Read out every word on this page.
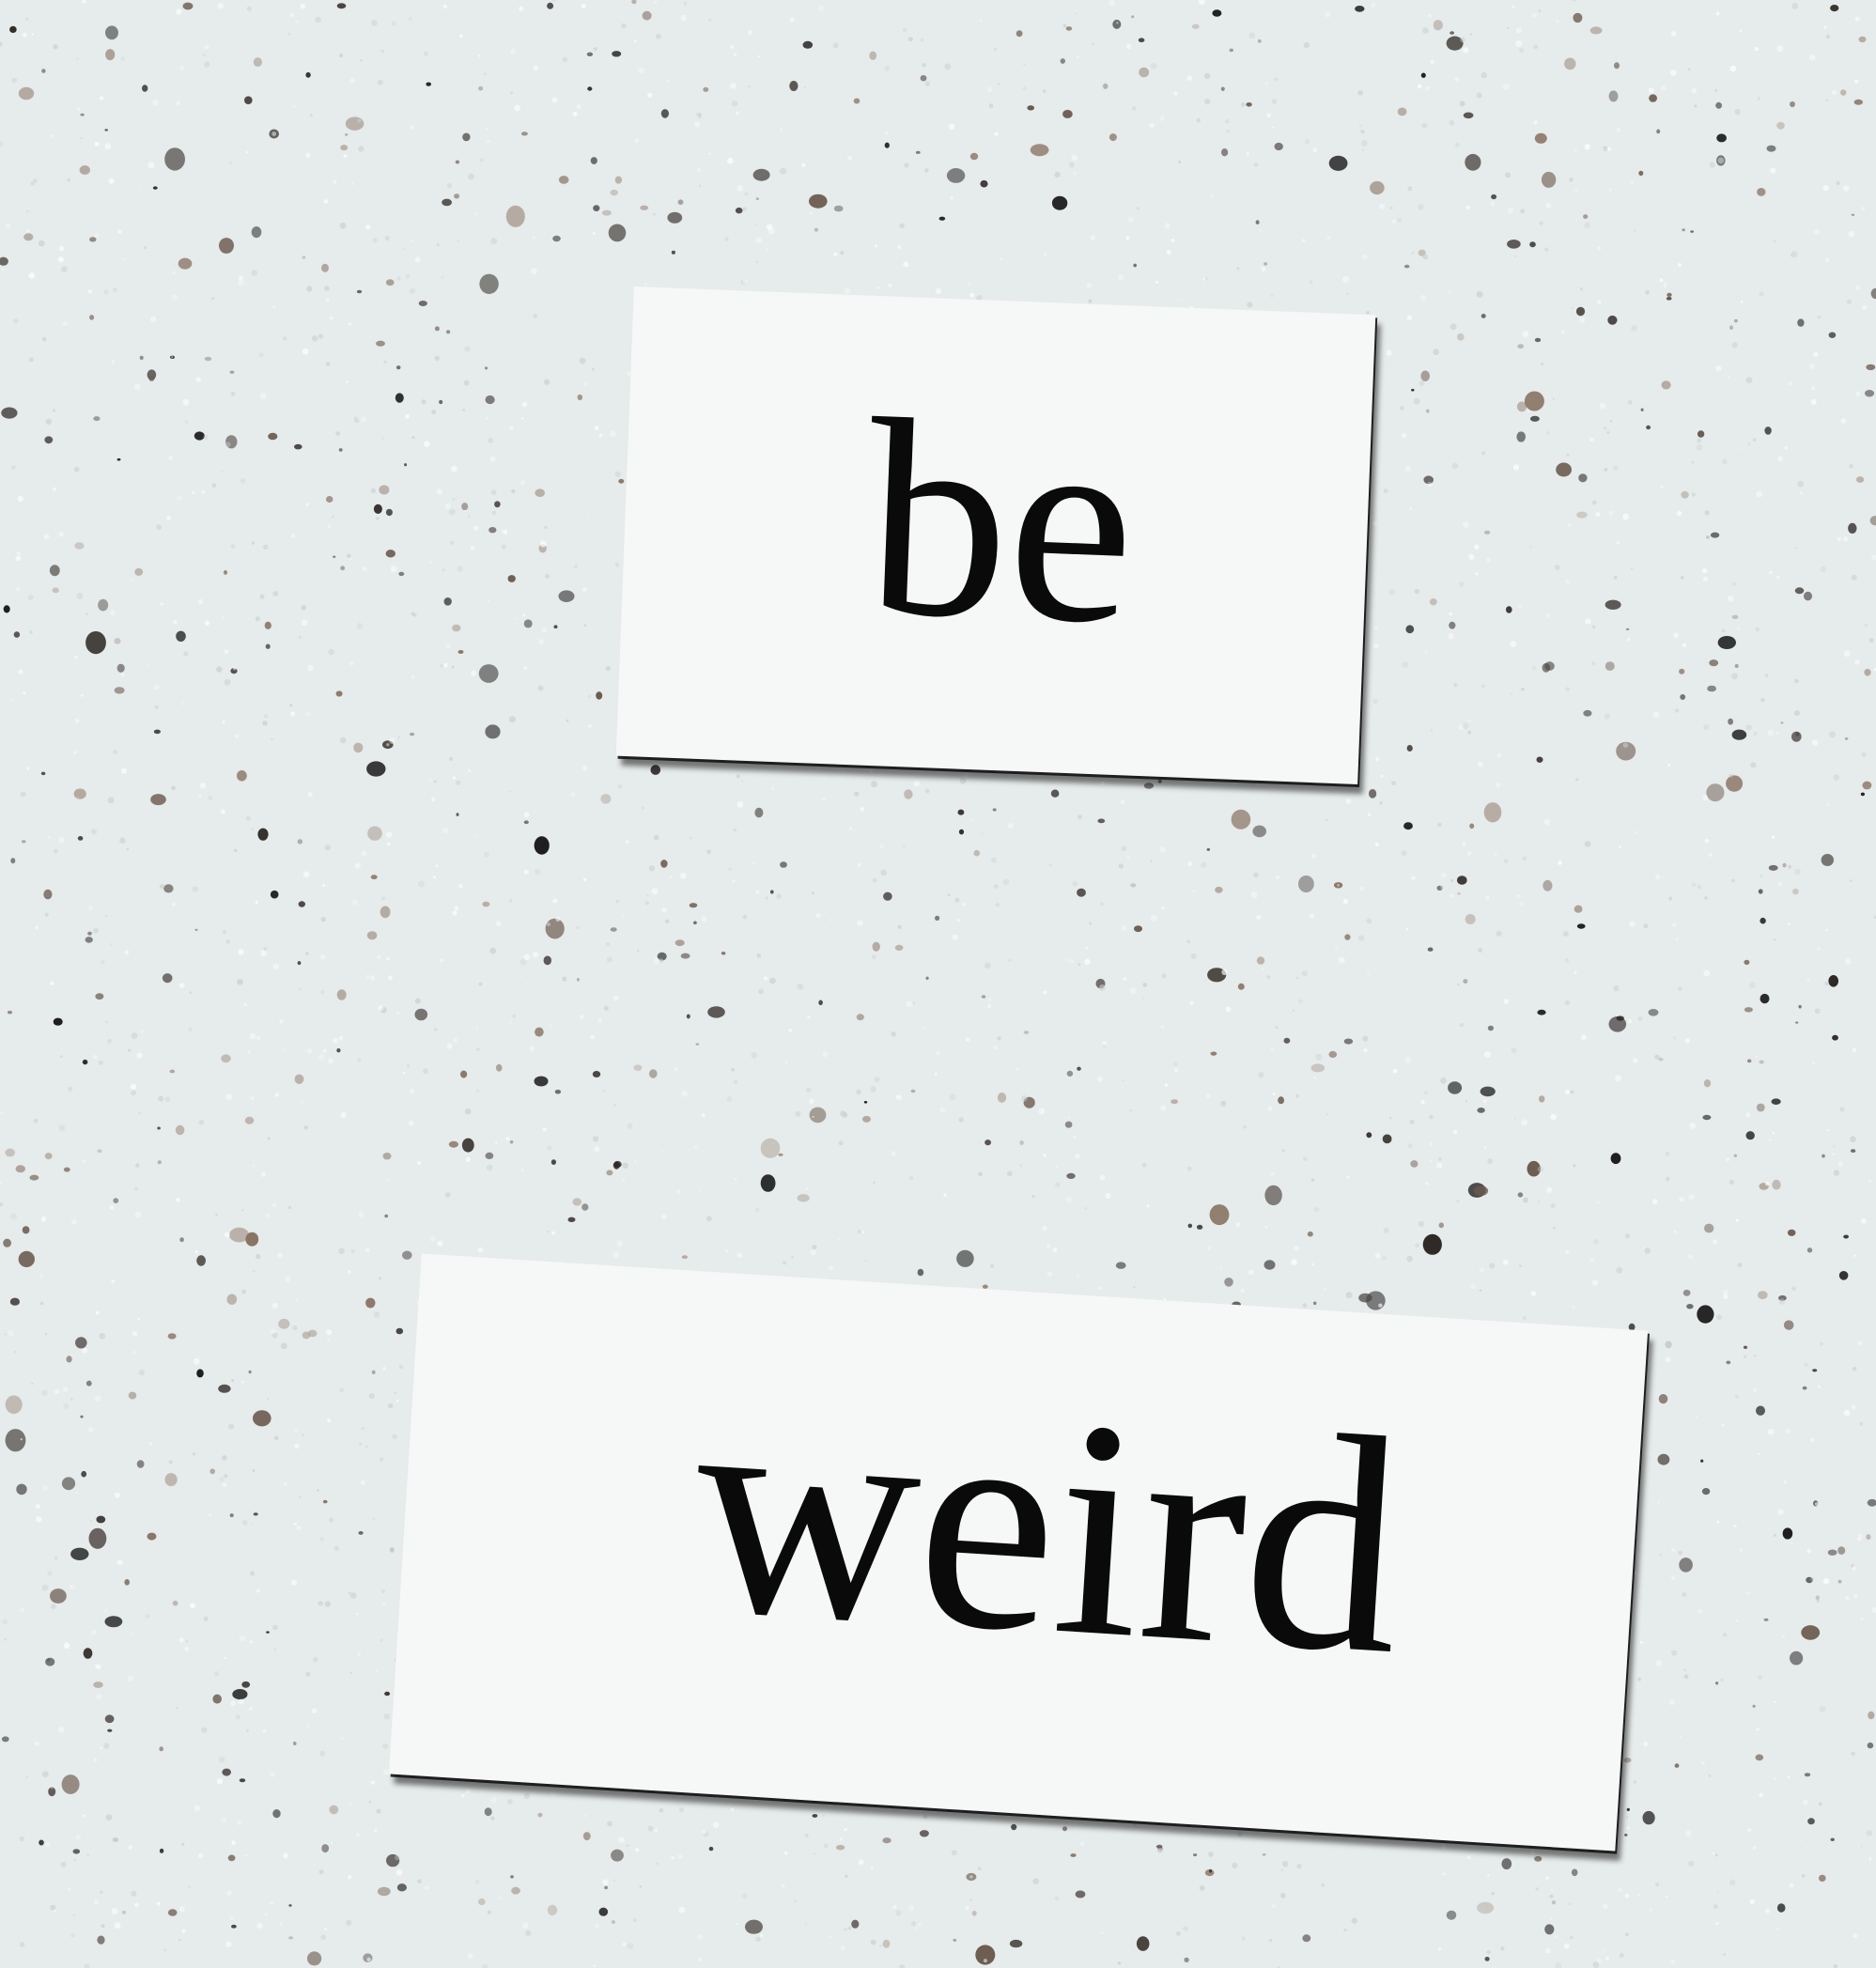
be
weird
